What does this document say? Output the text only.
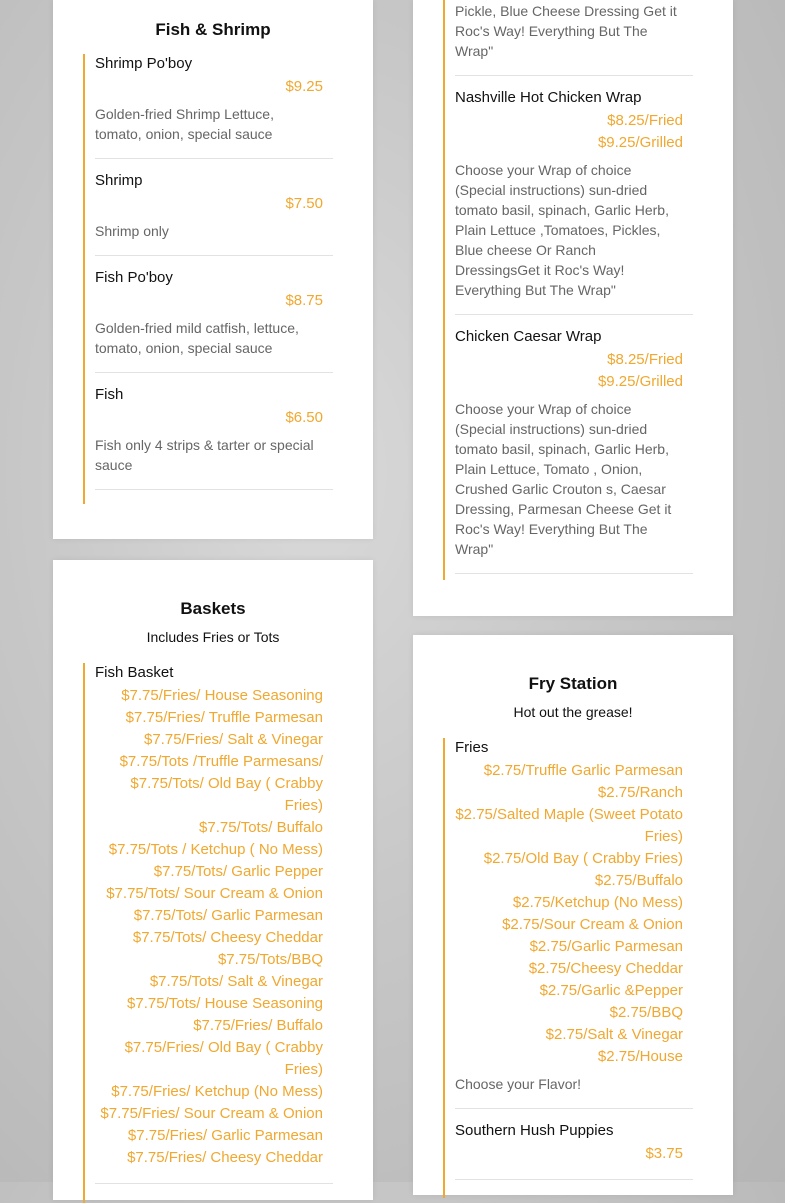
Fish & Shrimp
Shrimp Po'boy
$9.25
Golden-fried Shrimp Lettuce, tomato, onion, special sauce
Shrimp
$7.50
Shrimp only
Fish Po'boy
$8.75
Golden-fried mild catfish, lettuce, tomato, onion, special sauce
Fish
$6.50
Fish only 4 strips & tarter or special sauce
Pickle, Blue Cheese Dressing Get it Roc's Way! Everything But The Wrap"
Nashville Hot Chicken Wrap
$8.25/Fried
$9.25/Grilled
Choose your Wrap of choice (Special instructions) sun-dried tomato basil, spinach, Garlic Herb, Plain Lettuce ,Tomatoes, Pickles, Blue cheese Or Ranch DressingsGet it Roc's Way! Everything But The Wrap"
Chicken Caesar Wrap
$8.25/Fried
$9.25/Grilled
Choose your Wrap of choice (Special instructions) sun-dried tomato basil, spinach, Garlic Herb, Plain Lettuce, Tomato , Onion, Crushed Garlic Crouton s, Caesar Dressing, Parmesan Cheese Get it Roc's Way! Everything But The Wrap"
Baskets
Includes Fries or Tots
Fish Basket
$7.75/Fries/ House Seasoning
$7.75/Fries/ Truffle Parmesan
$7.75/Fries/ Salt & Vinegar
$7.75/Tots /Truffle Parmesans/
$7.75/Tots/ Old Bay ( Crabby Fries)
$7.75/Tots/ Buffalo
$7.75/Tots / Ketchup ( No Mess)
$7.75/Tots/ Garlic Pepper
$7.75/Tots/ Sour Cream & Onion
$7.75/Tots/ Garlic Parmesan
$7.75/Tots/ Cheesy Cheddar
$7.75/Tots/BBQ
$7.75/Tots/ Salt & Vinegar
$7.75/Tots/ House Seasoning
$7.75/Fries/ Buffalo
$7.75/Fries/ Old Bay ( Crabby Fries)
$7.75/Fries/ Ketchup (No Mess)
$7.75/Fries/ Sour Cream & Onion
$7.75/Fries/ Garlic Parmesan
$7.75/Fries/ Cheesy Cheddar
Fry Station
Hot out the grease!
Fries
$2.75/Truffle Garlic Parmesan
$2.75/Ranch
$2.75/Salted Maple (Sweet Potato Fries)
$2.75/Old Bay ( Crabby Fries)
$2.75/Buffalo
$2.75/Ketchup (No Mess)
$2.75/Sour Cream & Onion
$2.75/Garlic Parmesan
$2.75/Cheesy Cheddar
$2.75/Garlic &Pepper
$2.75/BBQ
$2.75/Salt & Vinegar
$2.75/House
Choose your Flavor!
Southern Hush Puppies
$3.75
